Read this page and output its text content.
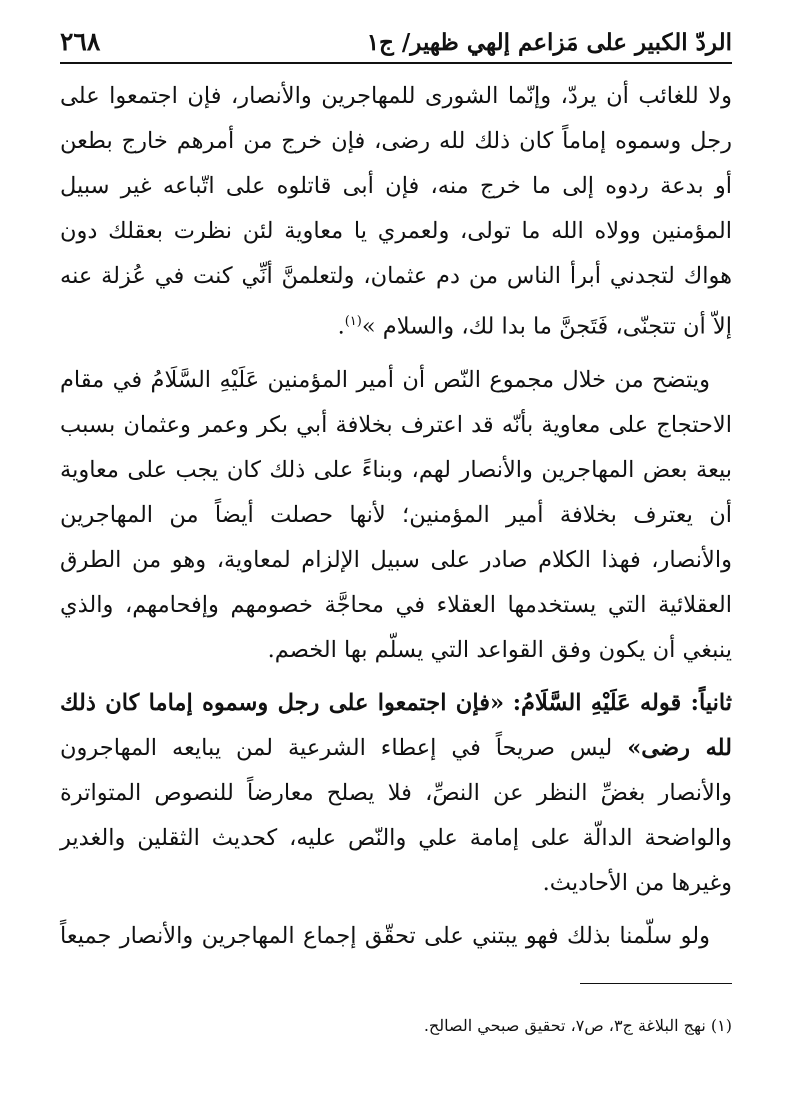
الردّ الكبير على مَزاعم إلهي ظهير/ ج١
٢٦٨

ولا للغائب أن يردّ، وإنّما الشورى للمهاجرين والأنصار، فإن اجتمعوا على رجل وسموه إماماً كان ذلك لله رضى، فإن خرج من أمرهم خارج بطعن أو بدعة ردوه إلى ما خرج منه، فإن أبى قاتلوه على اتّباعه غير سبيل المؤمنين وولاه الله ما تولى، ولعمري يا معاوية لئن نظرت بعقلك دون هواك لتجدني أبرأ الناس من دم عثمان، ولتعلمنَّ أنِّي كنت في عُزلة عنه إلاّ أن تتجنّى، فَتَجنَّ ما بدا لك، والسلام »$^{(١)}$.

ويتضح من خلال مجموع النّص أن أمير المؤمنين عَلَيْهِ السَّلَامُ في مقام الاحتجاج على معاوية بأنّه قد اعترف بخلافة أبي بكر وعمر وعثمان بسبب بيعة بعض المهاجرين والأنصار لهم، وبناءً على ذلك كان يجب على معاوية أن يعترف بخلافة أمير المؤمنين؛ لأنها حصلت أيضاً من المهاجرين والأنصار، فهذا الكلام صادر على سبيل الإلزام لمعاوية، وهو من الطرق العقلائية التي يستخدمها العقلاء في محاجَّة خصومهم وإفحامهم، والذي ينبغي أن يكون وفق القواعد التي يسلّم بها الخصم.

ثانياً: قوله عَلَيْهِ السَّلَامُ: «فإن اجتمعوا على رجل وسموه إماما كان ذلك لله رضى» ليس صريحاً في إعطاء الشرعية لمن يبايعه المهاجرون والأنصار بغضِّ النظر عن النصِّ، فلا يصلح معارضاً للنصوص المتواترة والواضحة الدالّة على إمامة علي والنّص عليه، كحديث الثقلين والغدير وغيرها من الأحاديث.

ولو سلّمنا بذلك فهو يبتني على تحقّق إجماع المهاجرين والأنصار جميعاً

(١) نهج البلاغة ج٣، ص٧، تحقيق صبحي الصالح.
